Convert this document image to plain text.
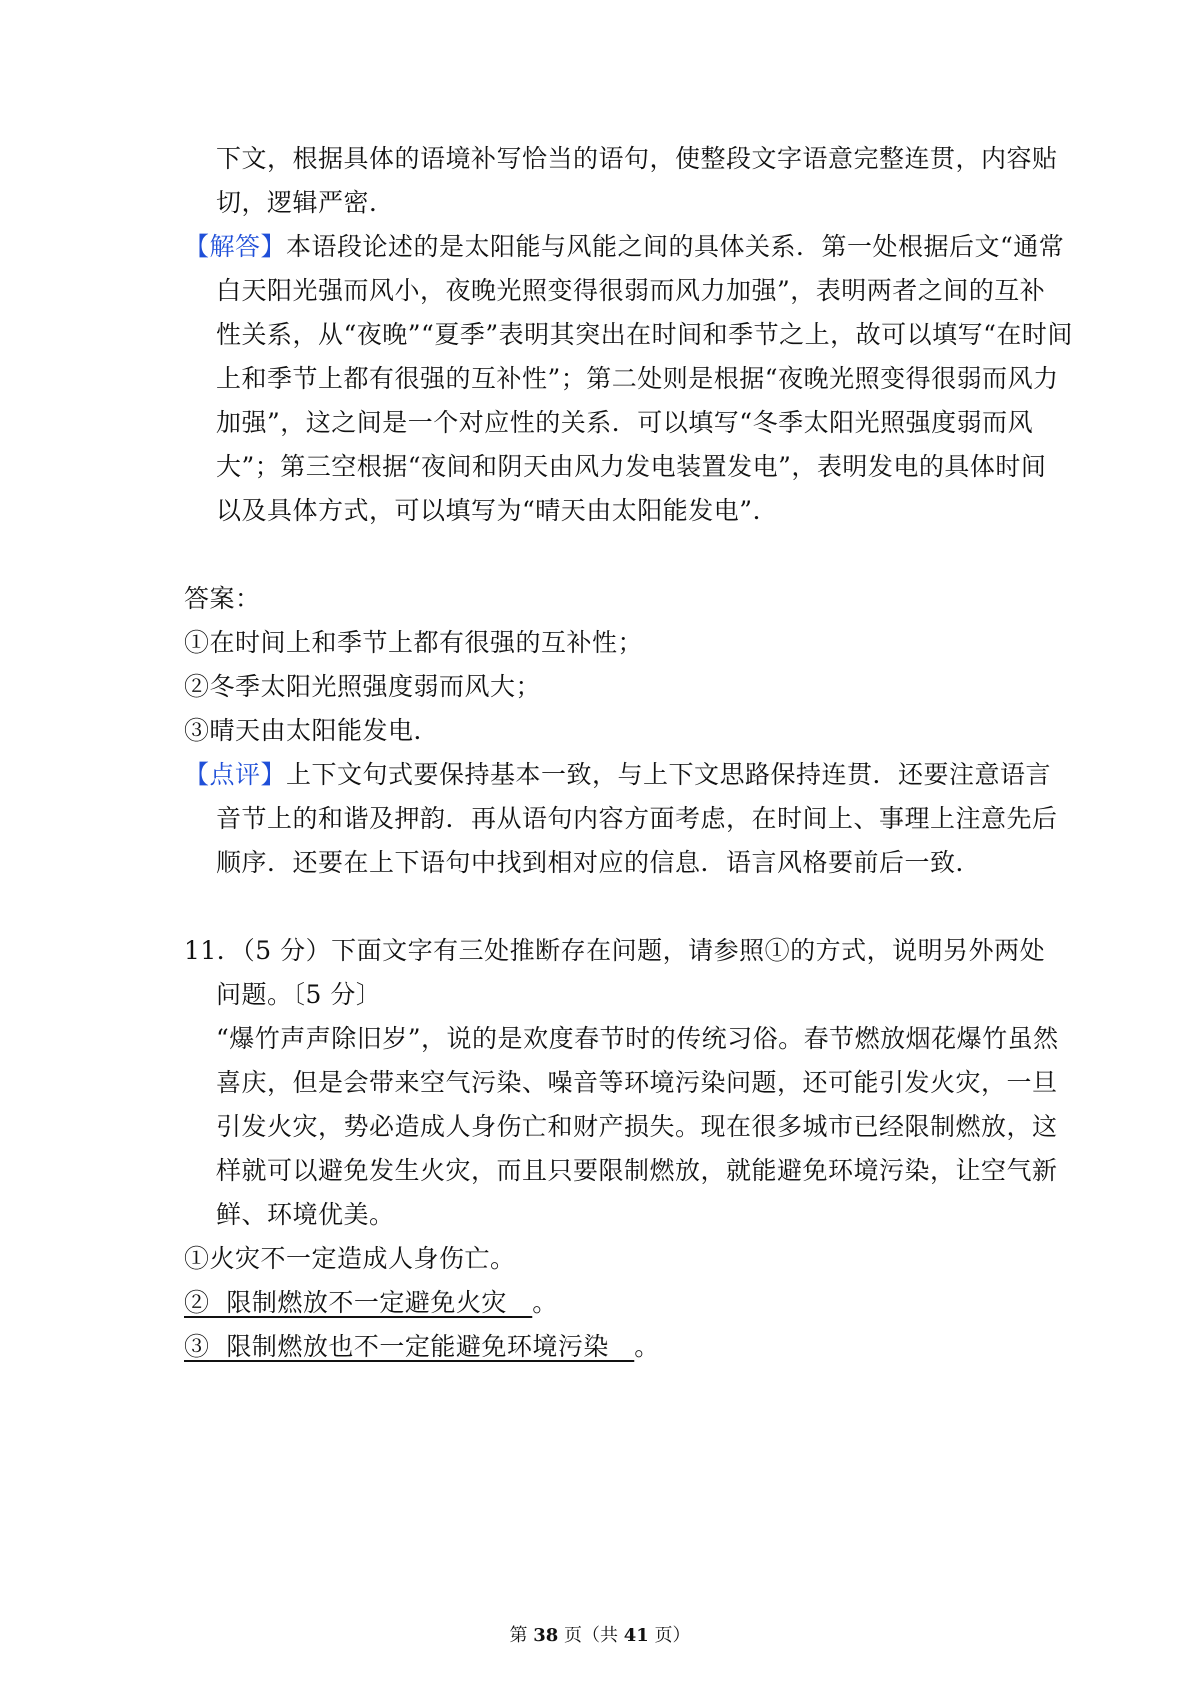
下文，根据具体的语境补写恰当的语句，使整段文字语意完整连贯，内容贴
切，逻辑严密．
【解答】本语段论述的是太阳能与风能之间的具体关系．第一处根据后文“通常
白天阳光强而风小，夜晚光照变得很弱而风力加强”，表明两者之间的互补
性关系，从“夜晚”“夏季”表明其突出在时间和季节之上，故可以填写“在时间
上和季节上都有很强的互补性”；第二处则是根据“夜晚光照变得很弱而风力
加强”，这之间是一个对应性的关系．可以填写“冬季太阳光照强度弱而风
大”；第三空根据“夜间和阴天由风力发电装置发电”，表明发电的具体时间
以及具体方式，可以填写为“晴天由太阳能发电”．
答案：
①在时间上和季节上都有很强的互补性；
②冬季太阳光照强度弱而风大；
③晴天由太阳能发电．
【点评】上下文句式要保持基本一致，与上下文思路保持连贯．还要注意语言
音节上的和谐及押韵．再从语句内容方面考虑，在时间上、事理上注意先后
顺序．还要在上下语句中找到相对应的信息．语言风格要前后一致．
11．（5 分）下面文字有三处推断存在问题，请参照①的方式，说明另外两处
问题。〔5 分〕
“爆竹声声除旧岁”，说的是欢度春节时的传统习俗。春节燃放烟花爆竹虽然
喜庆，但是会带来空气污染、噪音等环境污染问题，还可能引发火灾，一旦
引发火灾，势必造成人身伤亡和财产损失。现在很多城市已经限制燃放，这
样就可以避免发生火灾，而且只要限制燃放，就能避免环境污染，让空气新
鲜、环境优美。
①火灾不一定造成人身伤亡。
②  限制燃放不一定避免火灾   。
③  限制燃放也不一定能避免环境污染   。
第 38 页（共 41 页）
